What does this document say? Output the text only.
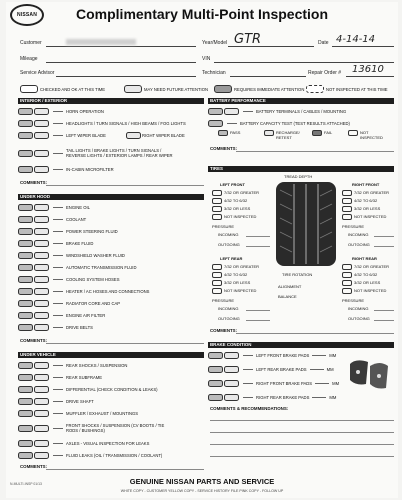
NISSAN	Complimentary Multi-Point Inspection
Customer	Year/Model GTR	Date 4-14-14
Mileage	VIN
Service Advisor	Technician	Repair Order # 13610
CHECKED AND OK AT THIS TIME	MAY NEED FUTURE ATTENTION	REQUIRES IMMEDIATE ATTENTION	NOT INSPECTED AT THIS TIME
INTERIOR / EXTERIOR
HORN OPERATION
HEADLIGHTS / TURN SIGNALS / HIGH BEAMS / FOG LIGHTS
LEFT WIPER BLADE	RIGHT WIPER BLADE
TAIL LIGHTS / BRAKE LIGHTS / TURN SIGNALS / REVERSE LIGHTS / EXTERIOR LAMPS / REAR WIPER
IN-CABIN MICROFILTER
COMMENTS:
BATTERY PERFORMANCE
BATTERY TERMINALS / CABLES / MOUNTING
BATTERY CAPACITY TEST (TEST RESULTS ATTACHED)
PASS	RECHARGE/ RETEST
FAIL	NOT INSPECTED
COMMENTS:
TIRES
TREAD DEPTH
TIRE ROTATION
ALIGNMENT
BALANCE
LEFT FRONT
7/32 OR GREATER
4/32 TO 6/32
3/32 OR LESS
NOT INSPECTED
PRESSURE
INCOMING
OUTGOING
RIGHT FRONT
7/32 OR GREATER
4/32 TO 6/32
3/32 OR LESS
NOT INSPECTED
PRESSURE
INCOMING
OUTGOING
LEFT REAR
7/32 OR GREATER
4/32 TO 6/32
3/32 OR LESS
NOT INSPECTED
PRESSURE
INCOMING
OUTGOING
RIGHT REAR
7/32 OR GREATER
4/32 TO 6/32
3/32 OR LESS
NOT INSPECTED
PRESSURE
INCOMING
OUTGOING
COMMENTS:
UNDER HOOD
ENGINE OIL
COOLANT
POWER STEERING FLUID
BRAKE FLUID
WINDSHIELD WASHER FLUID
AUTOMATIC TRANSMISSION FLUID
COOLING SYSTEM HOSES
HEATER / AC HOSES AND CONNECTIONS
RADIATOR CORE AND CAP
ENGINE AIR FILTER
DRIVE BELTS
COMMENTS:
UNDER VEHICLE
REAR SHOCKS / SUSPENSION
REAR SUBFRAME
DIFFERENTIAL (CHECK CONDITION & LEAKS)
DRIVE SHAFT
MUFFLER / EXHAUST / MOUNTINGS
FRONT SHOCKS / SUSPENSION (CV BOOTS / TIE RODS / BUSHINGS)
AXLES - VISUAL INSPECTION FOR LEAKS
FLUID LEAKS (OIL / TRANSMISSION / COOLANT)
COMMENTS:
BRAKE CONDITION
LEFT FRONT BRAKE PADS	MM
LEFT REAR BRAKE PADS	MM
RIGHT FRONT BRAKE PADS	MM
RIGHT REAR BRAKE PADS	MM
COMMENTS & RECOMMENDATIONS:
N-MULTI-INSP 01/13	GENUINE NISSAN PARTS AND SERVICE
WHITE COPY - CUSTOMER YELLOW COPY - SERVICE HISTORY FILE PINK COPY - FOLLOW UP
